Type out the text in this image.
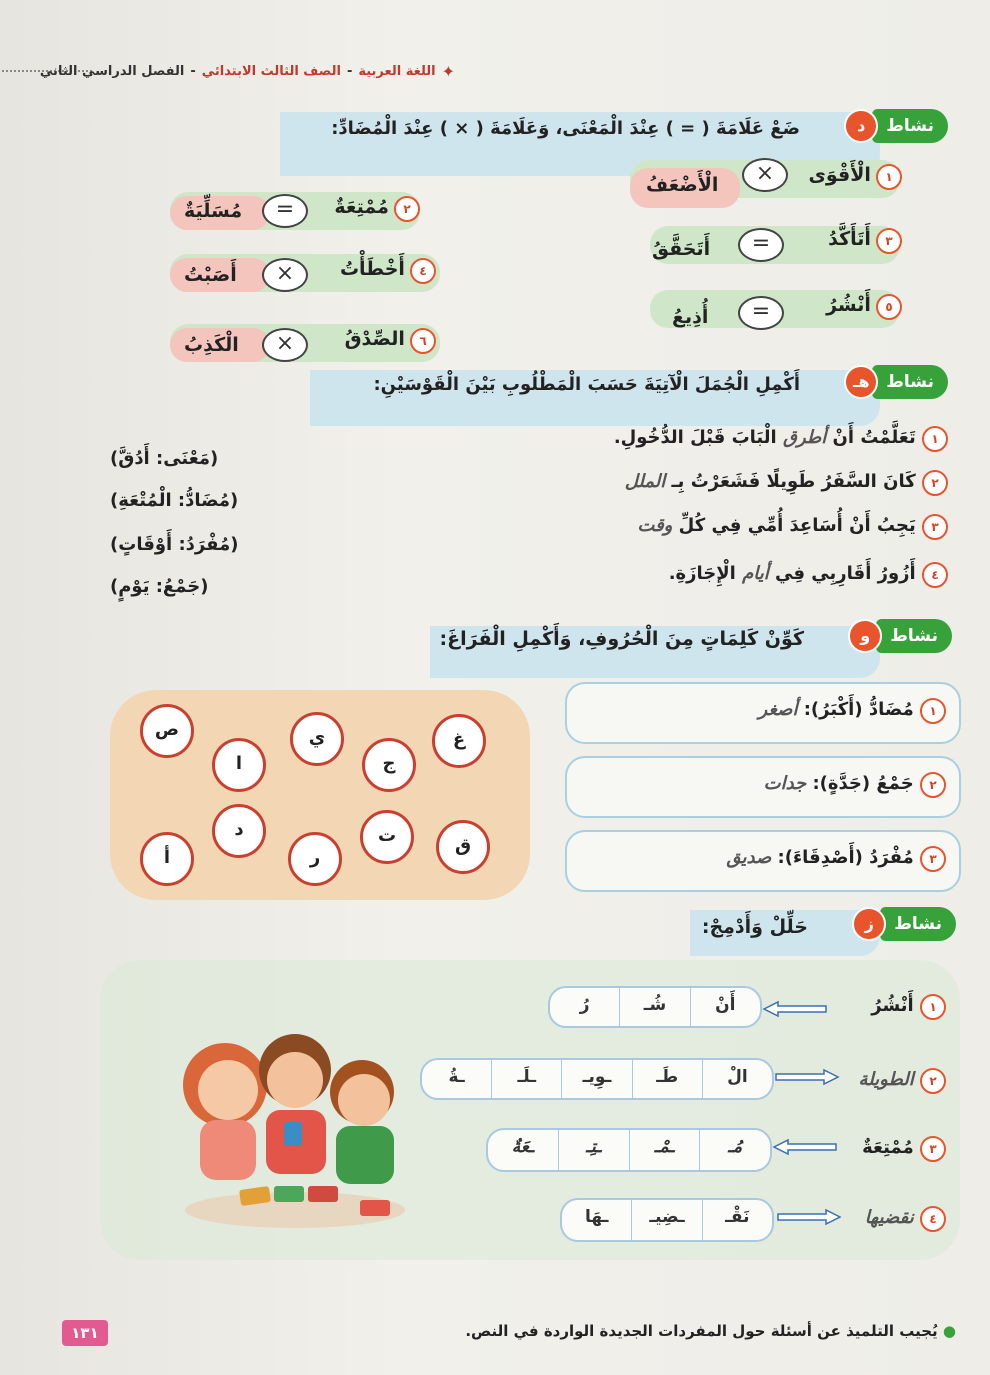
✦
اللغة العربية
-
الصف الثالث الابتدائي
-
الفصل الدراسي الثاني
نشاط
د
ضَعْ عَلَامَةَ ( = ) عِنْدَ الْمَعْنَى، وَعَلَامَةَ ( × ) عِنْدَ الْمُضَادِّ:
١ الْأَقْوَى
×
الْأَضْعَفُ
٣ أَتَأَكَّدُ
=
أَتَحَقَّقُ
٥ أَنْشُرُ
=
أُذِيعُ
٢ مُمْتِعَةٌ
=
مُسَلِّيَةٌ
٤ أَخْطَأْتُ
×
أَصَبْتُ
٦ الصِّدْقُ
×
الْكَذِبُ
نشاط
هـ
أَكْمِلِ الْجُمَلَ الْآتِيَةَ حَسَبَ الْمَطْلُوبِ بَيْنَ الْقَوْسَيْنِ:
١ تَعَلَّمْتُ أَنْ أطرق الْبَابَ قَبْلَ الدُّخُولِ.
(مَعْنَى: أَدُقَّ)
٢ كَانَ السَّفَرُ طَوِيلًا فَشَعَرْتُ بِـ الملل
(مُضَادُّ: الْمُتْعَةِ)
٣ يَجِبُ أَنْ أُسَاعِدَ أُمِّي فِي كُلِّ وقت
(مُفْرَدُ: أَوْقَاتٍ)
٤ أَزُورُ أَقَارِبِي فِي أيام الْإِجَازَةِ.
(جَمْعُ: يَوْمٍ)
نشاط
و
كَوِّنْ كَلِمَاتٍ مِنَ الْحُرُوفِ، وَأَكْمِلِ الْفَرَاغَ:
ص	ي	غ
ا	ج
د	ت	ق
أ	ر
١ مُضَادُّ (أَكْبَرُ): أصغر
٢ جَمْعُ (جَدَّةٍ): جدات
٣ مُفْرَدُ (أَصْدِقَاءَ): صديق
نشاط
ز
حَلِّلْ وَأَدْمِجْ:
١ أَنْشُرُ
أَنْ
شُـ
رُ
٢ الطويلة
الْ
طَـ
ـوِيـ
ـلَـ
ـةُ
٣ مُمْتِعَةٌ
مُـ
ـمْـ
ـتِـ
ـعَةٌ
٤ نقضيها
نَقْـ
ـضِيـ
ـهَا
● يُجيب التلميذ عن أسئلة حول المفردات الجديدة الواردة في النص.
١٣١
